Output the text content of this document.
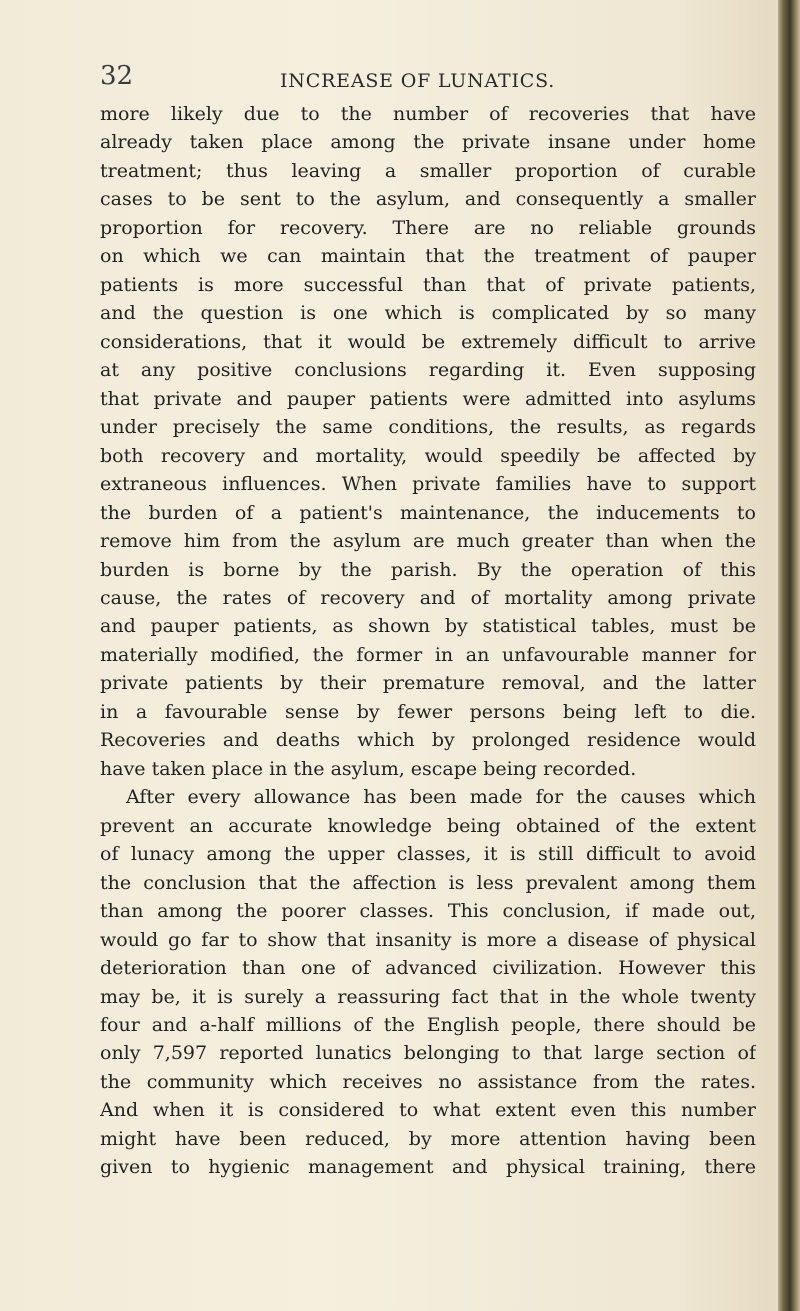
32	INCREASE OF LUNATICS.
more likely due to the number of recoveries that have
already taken place among the private insane under home
treatment; thus leaving a smaller proportion of curable
cases to be sent to the asylum, and consequently a smaller
proportion for recovery. There are no reliable grounds
on which we can maintain that the treatment of pauper
patients is more successful than that of private patients,
and the question is one which is complicated by so many
considerations, that it would be extremely difficult to arrive
at any positive conclusions regarding it. Even supposing
that private and pauper patients were admitted into asylums
under precisely the same conditions, the results, as regards
both recovery and mortality, would speedily be affected by
extraneous influences. When private families have to support
the burden of a patient's maintenance, the inducements to
remove him from the asylum are much greater than when the
burden is borne by the parish. By the operation of this
cause, the rates of recovery and of mortality among private
and pauper patients, as shown by statistical tables, must be
materially modified, the former in an unfavourable manner for
private patients by their premature removal, and the latter
in a favourable sense by fewer persons being left to die.
Recoveries and deaths which by prolonged residence would
have taken place in the asylum, escape being recorded.
After every allowance has been made for the causes which
prevent an accurate knowledge being obtained of the extent
of lunacy among the upper classes, it is still difficult to avoid
the conclusion that the affection is less prevalent among them
than among the poorer classes. This conclusion, if made out,
would go far to show that insanity is more a disease of physical
deterioration than one of advanced civilization. However this
may be, it is surely a reassuring fact that in the whole twenty
four and a-half millions of the English people, there should be
only 7,597 reported lunatics belonging to that large section of
the community which receives no assistance from the rates.
And when it is considered to what extent even this number
might have been reduced, by more attention having been
given to hygienic management and physical training, there
